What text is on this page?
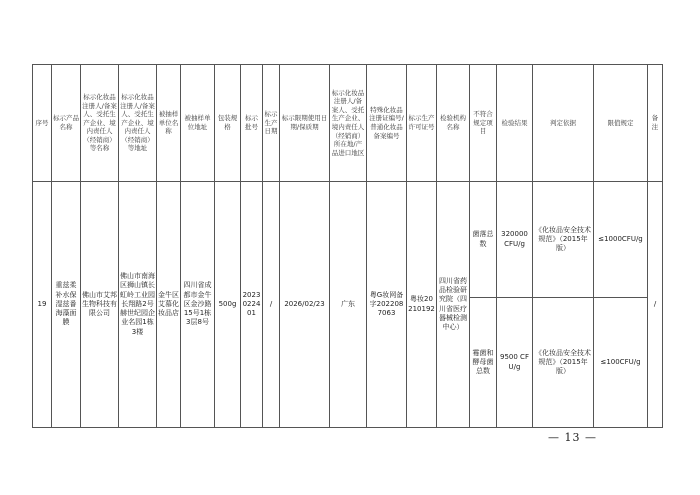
序号	标示产品名称	标示化妆品注册人/备案人、受托生产企业、境内责任人（经销商）等名称	标示化妆品注册人/备案人、受托生产企业、境内责任人（经销商）等地址	被抽样单位名称	被抽样单位地址	包装规格	标示批号	标示生产日期	标示限期使用日期/保质期	标示化妆品注册人/备案人、受托生产企业、境内责任人（经销商）所在地/产品进口地区	特殊化妆品注册证编号/普通化妆品备案编号	标示生产许可证号	检验机构名称	不符合规定项目	检验结果	判定依据	限值规定	备注
19	重兹柔补水保湿兹番海藻面膜	佛山市艾邦生物科技有限公司	佛山市南海区狮山镇长虹岭工业园长翔路2号赫世纪园企业名园1栋3楼	金牛区艾慕化妆品店	四川省成都市金牛区金沙路15号1栋3层8号	500g	2023022401	/	2026/02/23	广东	粤G妆网备字2022087063	粤妆20210192	四川省药品检验研究院（四川省医疗器械检测中心）	菌落总数	320000 CFU/g	《化妆品安全技术规范》（2015年版）	≤1000CFU/g	/
														霉菌和酵母菌总数	9500 CFU/g	《化妆品安全技术规范》（2015年版）	≤100CFU/g	
— 13 —
